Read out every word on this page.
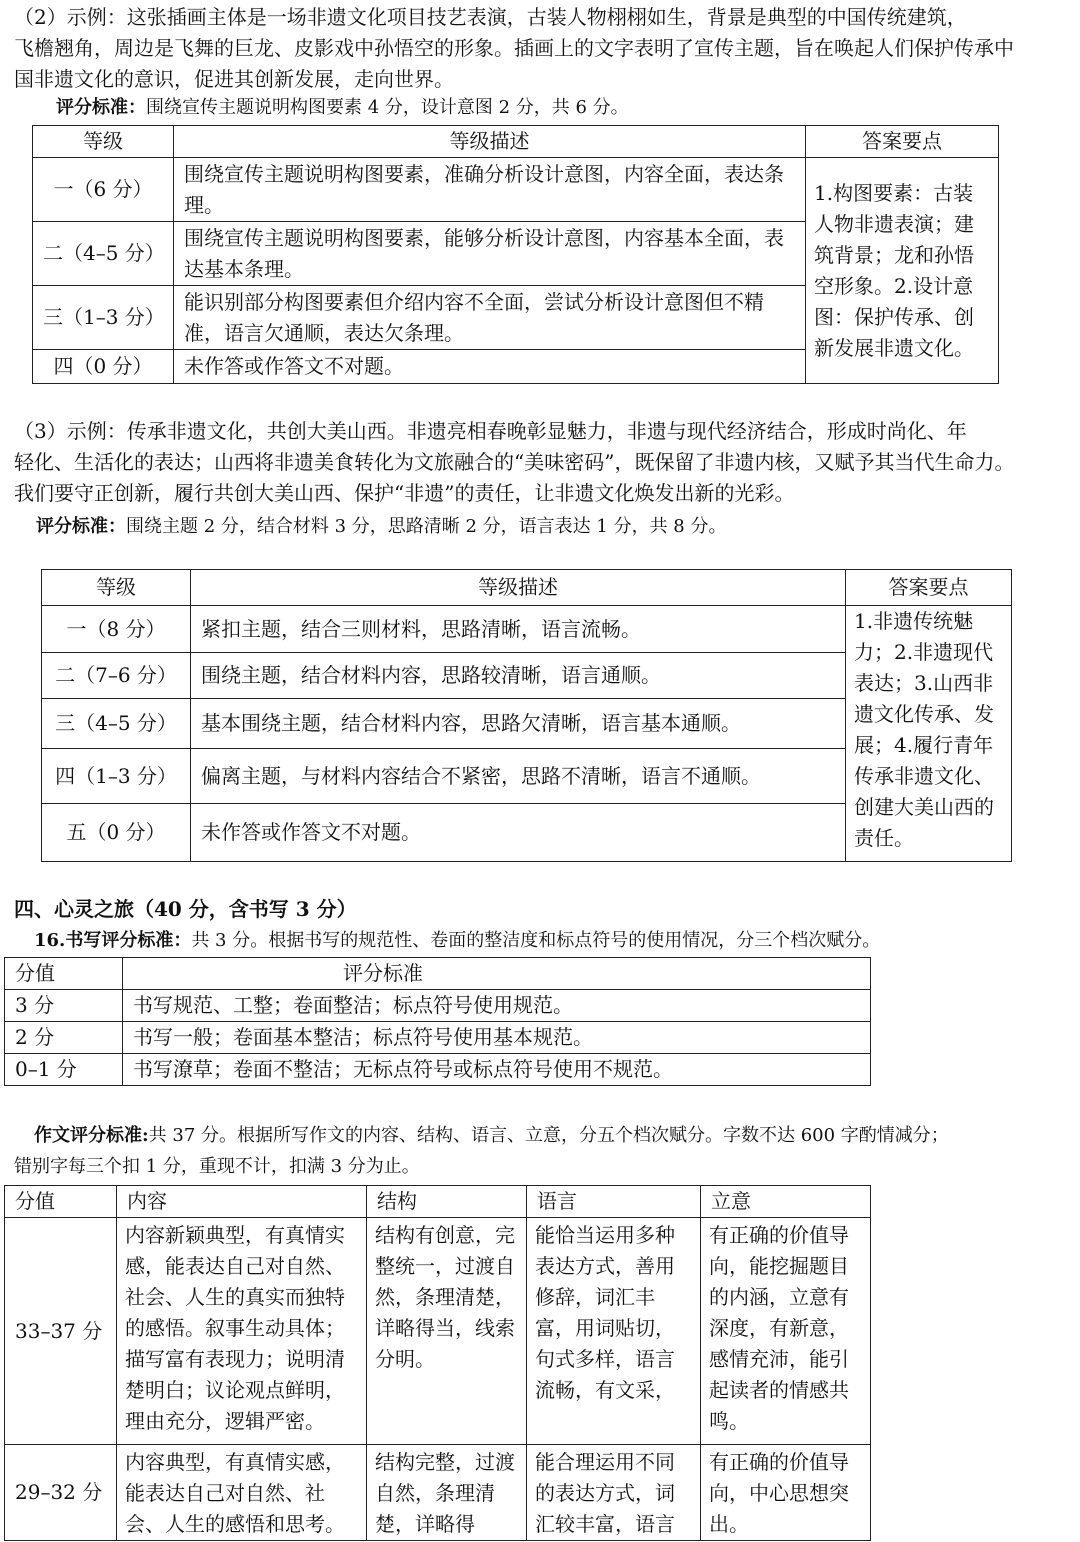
（2）示例：这张插画主体是一场非遗文化项目技艺表演，古装人物栩栩如生，背景是典型的中国传统建筑，

飞檐翘角，周边是飞舞的巨龙、皮影戏中孙悟空的形象。插画上的文字表明了宣传主题，旨在唤起人们保护传承中

国非遗文化的意识，促进其创新发展，走向世界。

评分标准：围绕宣传主题说明构图要素 4 分，设计意图 2 分，共 6 分。

等级	等级描述	答案要点
一（6 分）	围绕宣传主题说明构图要素，准确分析设计意图，内容全面，表达条理。	1.构图要素：古装人物非遗表演；建筑背景；龙和孙悟空形象。2.设计意图：保护传承、创新发展非遗文化。
二（4–5 分）	围绕宣传主题说明构图要素，能够分析设计意图，内容基本全面，表达基本条理。	
三（1–3 分）	能识别部分构图要素但介绍内容不全面，尝试分析设计意图但不精准，语言欠通顺，表达欠条理。	
四（0 分）	未作答或作答文不对题。	

（3）示例：传承非遗文化，共创大美山西。非遗亮相春晚彰显魅力，非遗与现代经济结合，形成时尚化、年

轻化、生活化的表达；山西将非遗美食转化为文旅融合的“美味密码”，既保留了非遗内核，又赋予其当代生命力。

我们要守正创新，履行共创大美山西、保护“非遗”的责任，让非遗文化焕发出新的光彩。

评分标准：围绕主题 2 分，结合材料 3 分，思路清晰 2 分，语言表达 1 分，共 8 分。

等级	等级描述	答案要点
一（8 分）	紧扣主题，结合三则材料，思路清晰，语言流畅。	1.非遗传统魅力；2.非遗现代表达；3.山西非遗文化传承、发展；4.履行青年传承非遗文化、创建大美山西的责任。
二（7–6 分）	围绕主题，结合材料内容，思路较清晰，语言通顺。	
三（4–5 分）	基本围绕主题，结合材料内容，思路欠清晰，语言基本通顺。	
四（1–3 分）	偏离主题，与材料内容结合不紧密，思路不清晰，语言不通顺。	
五（0 分）	未作答或作答文不对题。	

四、心灵之旅（40 分，含书写 3 分）

16.书写评分标准：共 3 分。根据书写的规范性、卷面的整洁度和标点符号的使用情况，分三个档次赋分。

分值	评分标准
3 分	书写规范、工整；卷面整洁；标点符号使用规范。
2 分	书写一般；卷面基本整洁；标点符号使用基本规范。
0–1 分	书写潦草；卷面不整洁；无标点符号或标点符号使用不规范。

作文评分标准:共 37 分。根据所写作文的内容、结构、语言、立意，分五个档次赋分。字数不达 600 字酌情减分；

错别字每三个扣 1 分，重现不计，扣满 3 分为止。

分值	内容	结构	语言	立意
33–37 分	内容新颖典型，有真情实感，能表达自己对自然、社会、人生的真实而独特的感悟。叙事生动具体；描写富有表现力；说明清楚明白；议论观点鲜明，理由充分，逻辑严密。	结构有创意，完整统一，过渡自然，条理清楚，详略得当，线索分明。	能恰当运用多种表达方式，善用修辞，词汇丰富，用词贴切，句式多样，语言流畅，有文采，	有正确的价值导向，能挖掘题目的内涵，立意有深度，有新意，感情充沛，能引起读者的情感共鸣。
29–32 分	内容典型，有真情实感，能表达自己对自然、社会、人生的感悟和思考。	结构完整，过渡自然，条理清楚，详略得	能合理运用不同的表达方式，词汇较丰富，语言	有正确的价值导向，中心思想突出。
